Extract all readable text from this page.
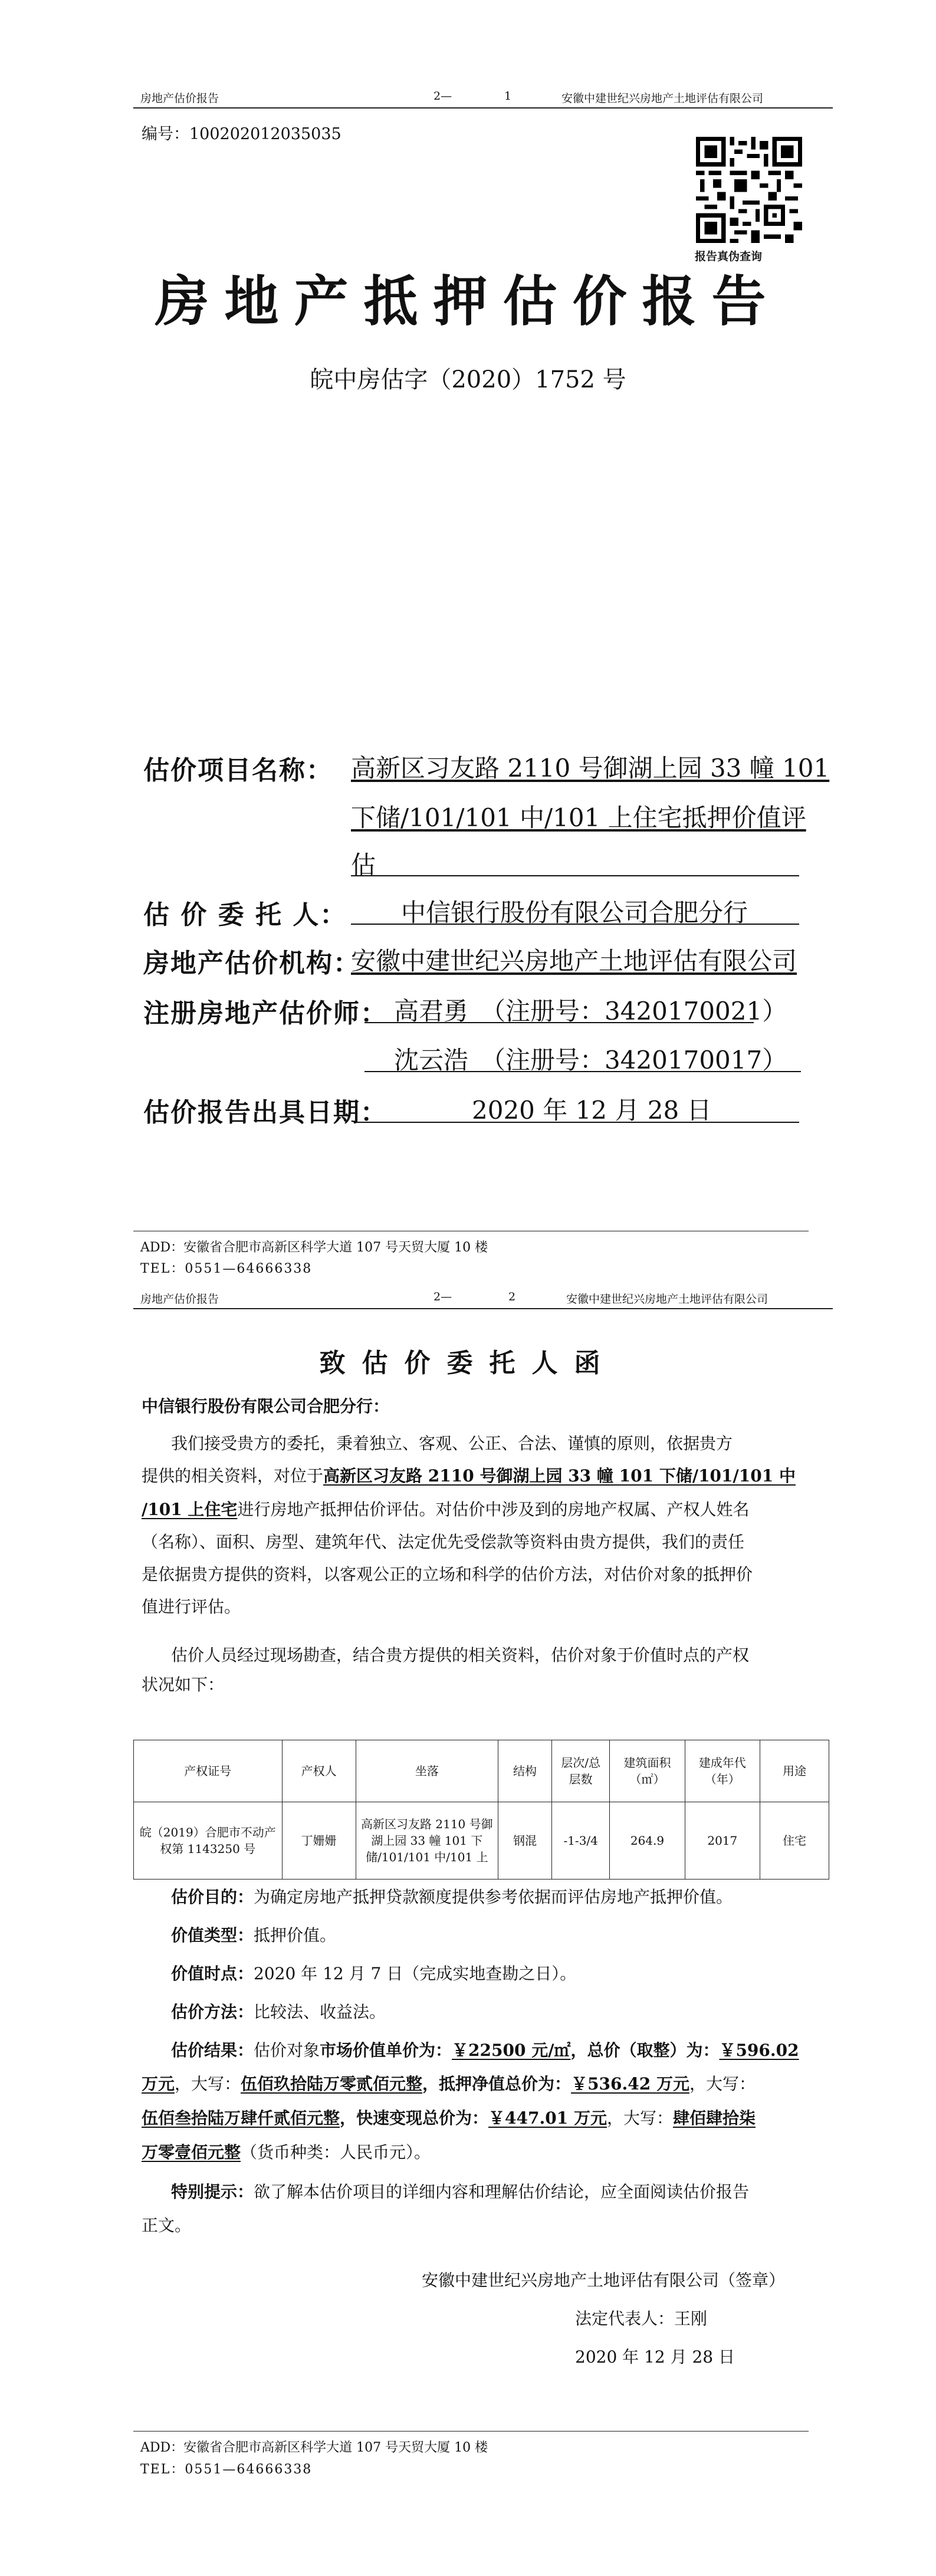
房地产估价报告	2—	1	安徽中建世纪兴房地产土地评估有限公司
编号：100202012035035
报告真伪查询
房地产抵押估价报告
皖中房估字（2020）1752 号
估价项目名称： 高新区习友路 2110 号御湖上园 33 幢 101
下储/101/101 中/101 上住宅抵押价值评
估
估 价 委 托 人： 中信银行股份有限公司合肥分行
房地产估价机构：
安徽中建世纪兴房地产土地评估有限公司
注册房地产估价师： 高君勇　（注册号：3420170021）
沈云浩　（注册号：3420170017）
估价报告出具日期：	2020 年 12 月 28 日
ADD：安徽省合肥市高新区科学大道 107 号天贸大厦 10 楼
TEL：0551—64666338
房地产估价报告	2—	2	安徽中建世纪兴房地产土地评估有限公司
致估价委托人函
中信银行股份有限公司合肥分行：
我们接受贵方的委托，秉着独立、客观、公正、合法、谨慎的原则，依据贵方
提供的相关资料，对位于高新区习友路 2110 号御湖上园 33 幢 101 下储/101/101 中
/101 上住宅进行房地产抵押估价评估。对估价中涉及到的房地产权属、产权人姓名
（名称）、面积、房型、建筑年代、法定优先受偿款等资料由贵方提供，我们的责任
是依据贵方提供的资料，以客观公正的立场和科学的估价方法，对估价对象的抵押价
值进行评估。
估价人员经过现场勘查，结合贵方提供的相关资料，估价对象于价值时点的产权
状况如下：
产权证号	产权人	坐落	结构	层次/总层数	建筑面积（㎡）	建成年代（年）	用途
皖（2019）合肥市不动产权第 1143250 号	丁姗姗	高新区习友路 2110 号御湖上园 33 幢 101 下储/101/101 中/101 上	钢混	-1-3/4	264.9	2017	住宅
估价目的：为确定房地产抵押贷款额度提供参考依据而评估房地产抵押价值。
价值类型：抵押价值。
价值时点：2020 年 12 月 7 日（完成实地查勘之日）。
估价方法：比较法、收益法。
估价结果：估价对象市场价值单价为：￥22500 元/㎡，总价（取整）为：￥596.02
万元，大写：伍佰玖拾陆万零贰佰元整，抵押净值总价为：￥536.42 万元，大写：
伍佰叁拾陆万肆仟贰佰元整，快速变现总价为：￥447.01 万元，大写：肆佰肆拾柒
万零壹佰元整（货币种类：人民币元）。
特别提示：欲了解本估价项目的详细内容和理解估价结论，应全面阅读估价报告
正文。
安徽中建世纪兴房地产土地评估有限公司（签章）
法定代表人：王刚
2020 年 12 月 28 日
ADD：安徽省合肥市高新区科学大道 107 号天贸大厦 10 楼
TEL：0551—64666338
